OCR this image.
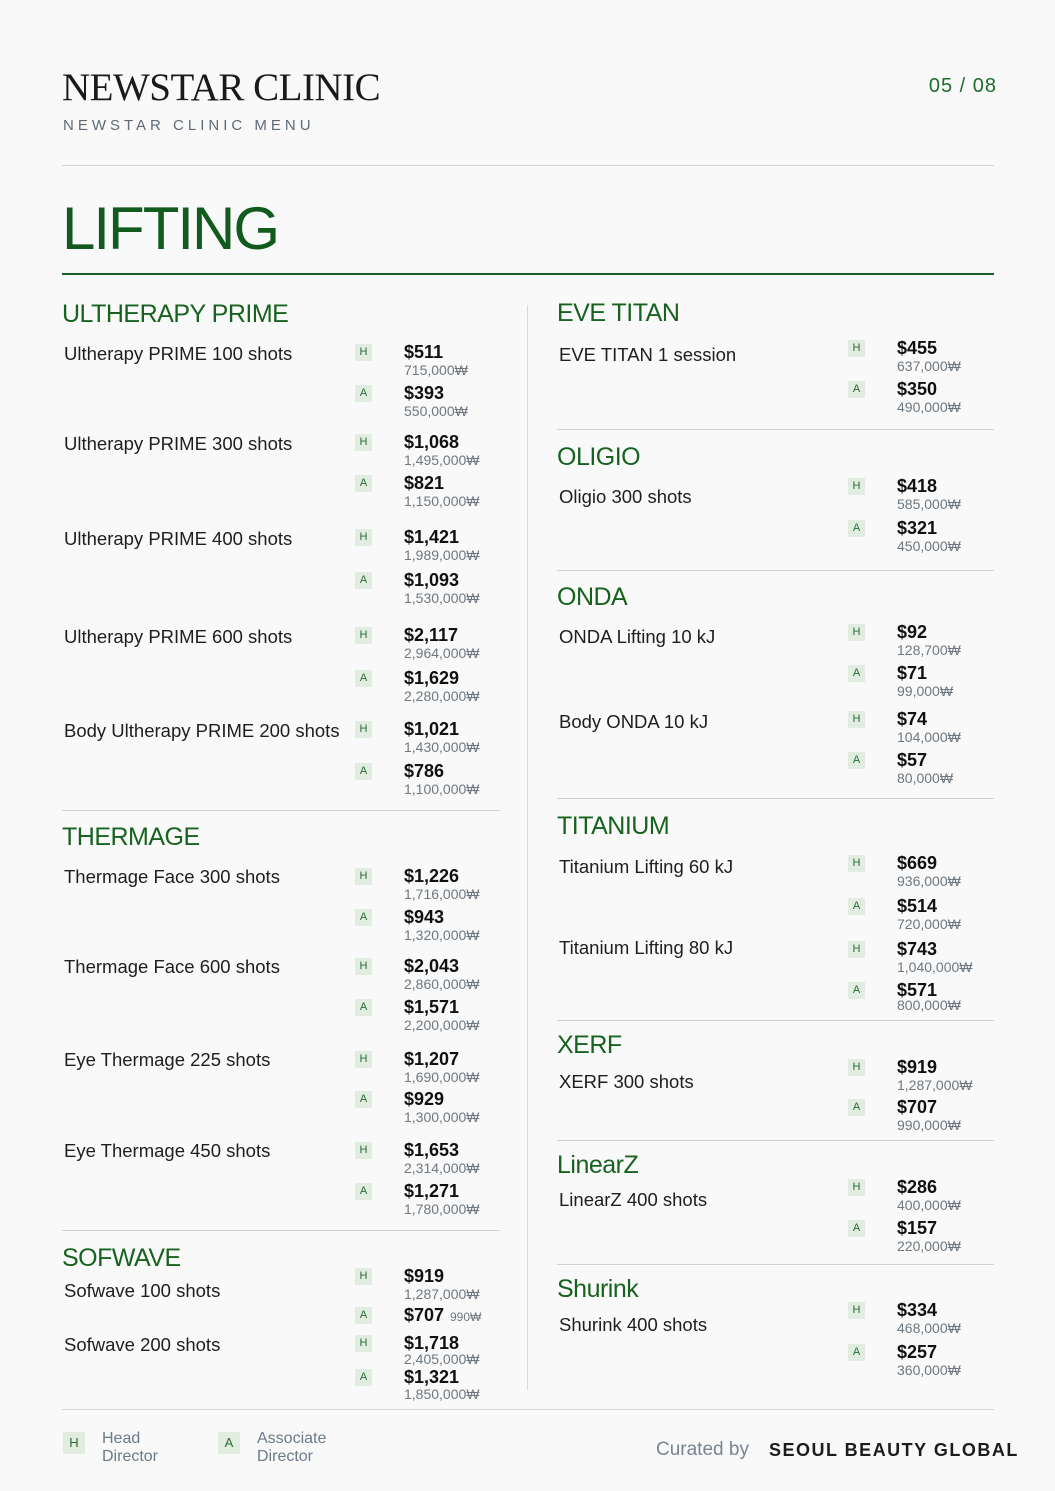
NEWSTAR CLINIC
NEWSTAR CLINIC MENU
05 / 08
LIFTING
ULTHERAPY PRIME
Ultherapy PRIME 100 shots	H $511
715,000₩
A $393
550,000₩
Ultherapy PRIME 300 shots	H $1,068
1,495,000₩
A $821
1,150,000₩
Ultherapy PRIME 400 shots	H $1,421
1,989,000₩
A $1,093
1,530,000₩
Ultherapy PRIME 600 shots	H $2,117
2,964,000₩
A $1,629
2,280,000₩
Body Ultherapy PRIME 200 shots	H $1,021
1,430,000₩
A $786
1,100,000₩
THERMAGE
Thermage Face 300 shots	H $1,226
1,716,000₩
A $943
1,320,000₩
Thermage Face 600 shots	H $2,043
2,860,000₩
A $1,571
2,200,000₩
Eye Thermage 225 shots	H $1,207
1,690,000₩
A $929
1,300,000₩
Eye Thermage 450 shots	H $1,653
2,314,000₩
A $1,271
1,780,000₩
SOFWAVE
Sofwave 100 shots
H $919
1,287,000₩
A $707 990₩
Sofwave 200 shots	H $1,718
2,405,000₩
A $1,321
1,850,000₩
EVE TITAN
EVE TITAN 1 session	H $455
637,000₩
A $350
490,000₩
OLIGIO
Oligio 300 shots	H $418
585,000₩
A $321
450,000₩
ONDA
ONDA Lifting 10 kJ	H $92
128,700₩
A $71
99,000₩
Body ONDA 10 kJ	H $74
104,000₩
A $57
80,000₩
TITANIUM
Titanium Lifting 60 kJ	H $669
936,000₩
A $514
720,000₩
Titanium Lifting 80 kJ	H $743
1,040,000₩
A $571
800,000₩
XERF
XERF 300 shots
H $919
1,287,000₩
A $707
990,000₩
LinearZ
LinearZ 400 shots
H $286
400,000₩
A $157
220,000₩
Shurink
Shurink 400 shots
H $334
468,000₩
A $257
360,000₩
H	Head
Director
A	Associate
Director	Curated by SEOUL BEAUTY GLOBAL
